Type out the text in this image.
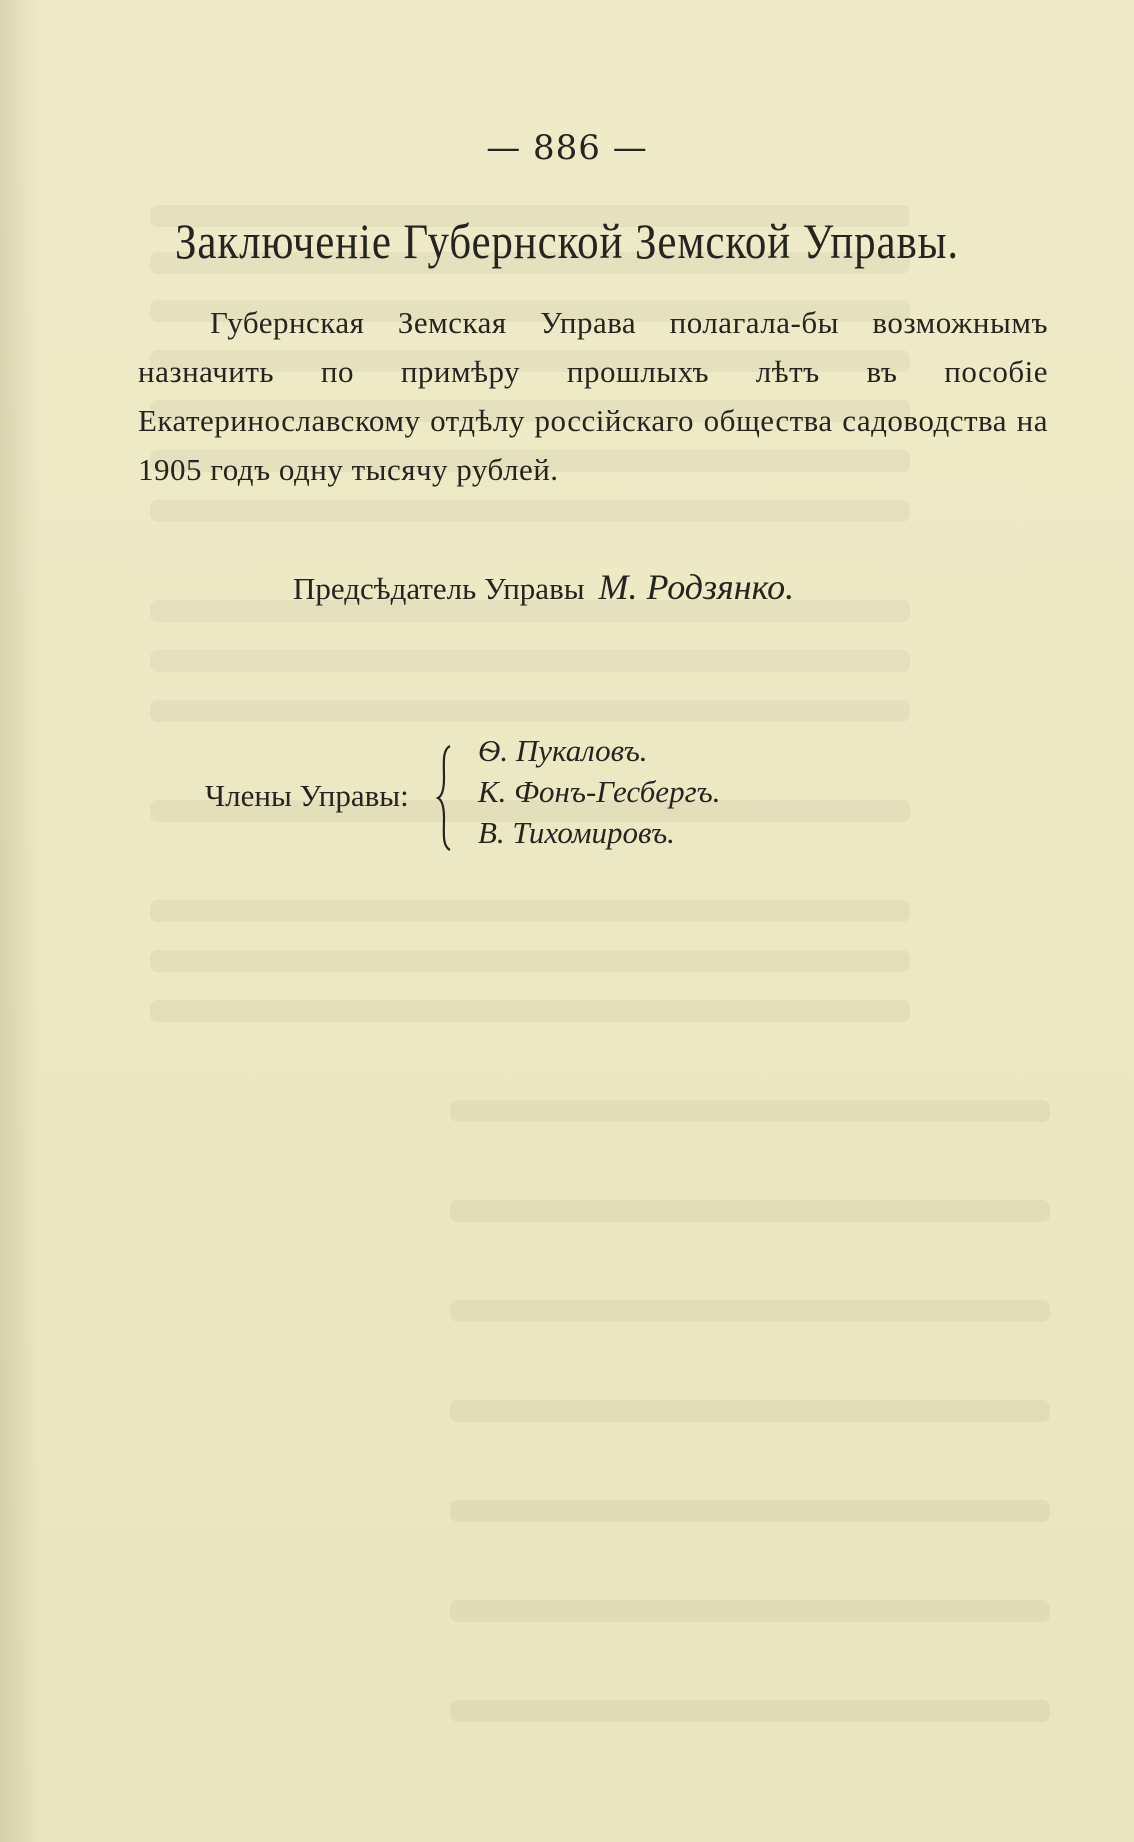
— 886 —
Заключеніе Губернской Земской Управы.
Губернская Земская Управа полагала-бы возможнымъ назначить по примѣру прошлыхъ лѣтъ въ пособіе Екатеринославскому отдѣлу россійскаго общества садоводства на 1905 годъ одну тысячу рублей.
Предсѣдатель Управы М. Родзянко.
Члены Управы:
Ѳ. Пукаловъ.
К. Фонъ-Гесбергъ.
В. Тихомировъ.
